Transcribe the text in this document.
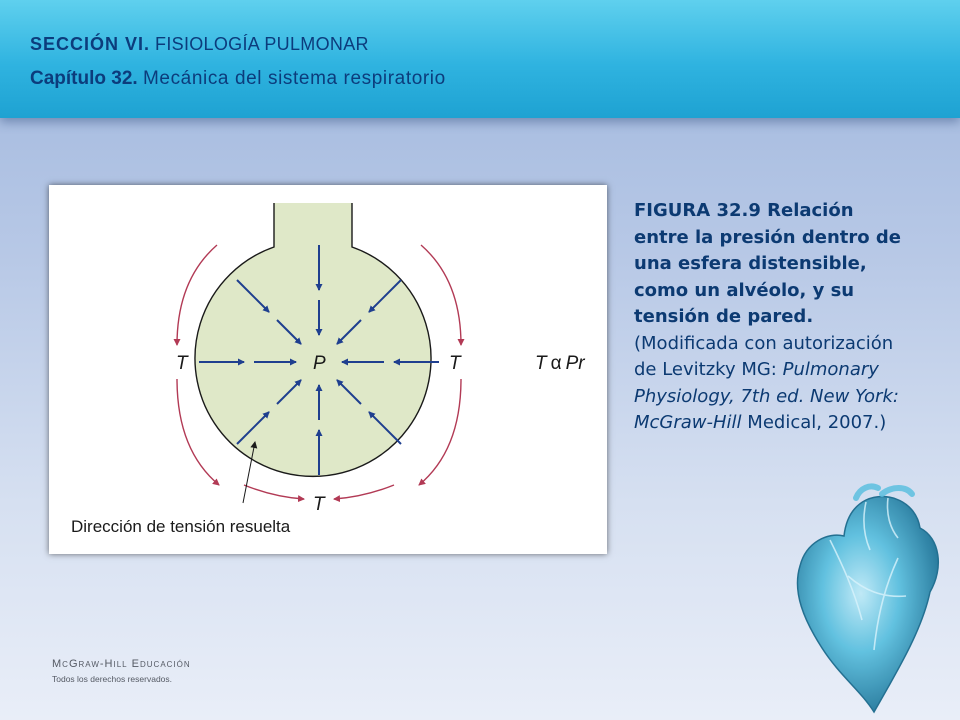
SECCIÓN VI. FISIOLOGÍA PULMONAR
Capítulo 32. Mecánica del sistema respiratorio
P
T	T
T
T α Pr
Dirección de tensión resuelta
FIGURA 32.9 Relación entre la presión dentro de una esfera distensible, como un alvéolo, y su tensión de pared. (Modificada con autorización de Levitzky MG: Pulmonary Physiology, 7th ed. New York: McGraw-Hill Medical, 2007.)
McGraw-Hill Educación
Todos los derechos reservados.
